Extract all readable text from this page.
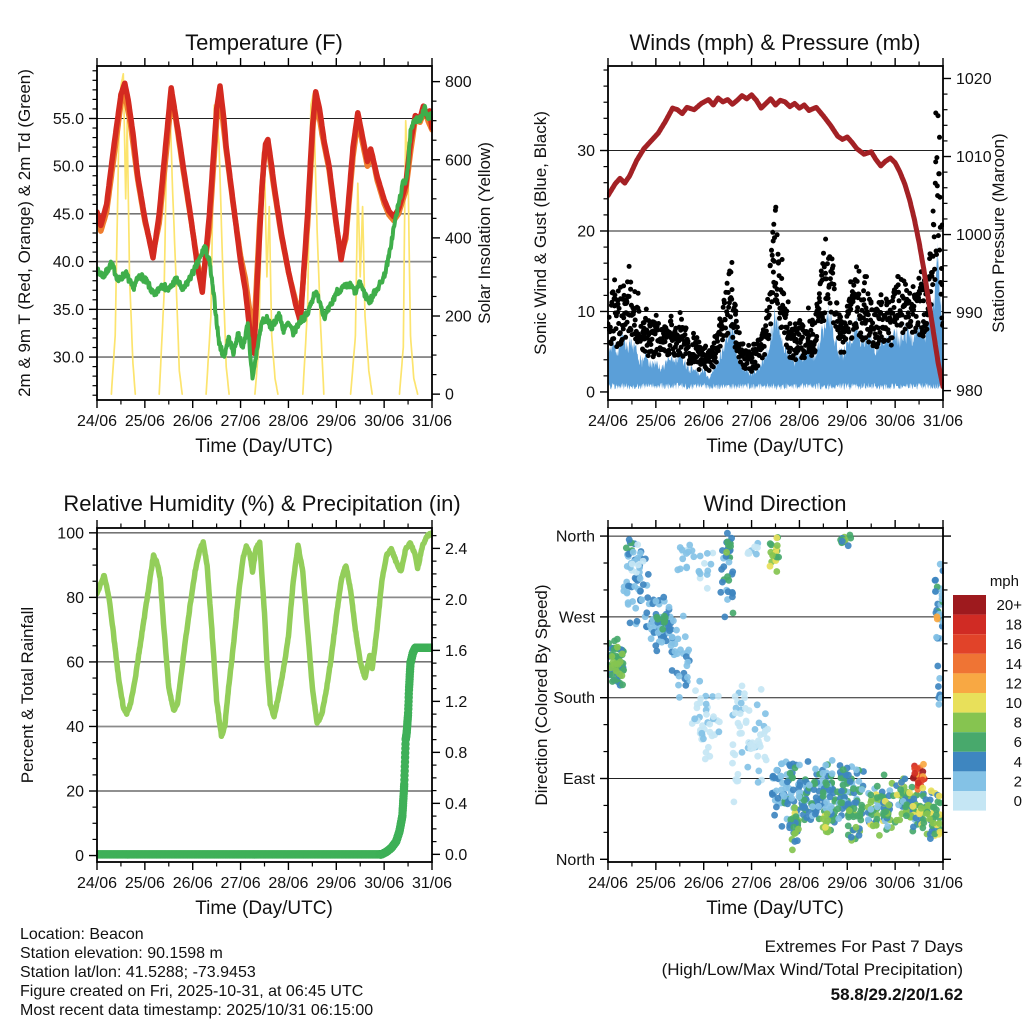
24/06 25/06 26/06 27/06 28/06 29/06 30/06 31/06
30.0
35.0
40.0
45.0
50.0
55.0
0
200
400
600
800
24/06 25/06 26/06 27/06 28/06 29/06 30/06 31/06
0
10
20
30
980
990
1000
1010
1020
24/06 25/06 26/06 27/06 28/06 29/06 30/06 31/06
0
20
40
60
80
100
0.0
0.4
0.8
1.2
1.6
2.0
2.4
24/06 25/06 26/06 27/06 28/06 29/06 30/06 31/06
North
East
South
West
North
Temperature (F)	Winds (mph) & Pressure (mb)
Relative Humidity (%) & Precipitation (in)	Wind Direction
Time (Day/UTC)	Time (Day/UTC)
Time (Day/UTC)	Time (Day/UTC)
2m & 9m T (Red, Orange) & 2m Td (Green)	Solar Insolation (Yellow) Sonic Wind & Gust (Blue, Black)	Station Pressure (Maroon)
Percent & Total Rainfall	Direction (Colored By Speed)
mph
20+
18
16
14
12
10
8
6
4
2
0
Location: Beacon
Station elevation: 90.1598 m
Station lat/lon: 41.5288; -73.9453
Figure created on Fri, 2025-10-31, at 06:45 UTC
Most recent data timestamp: 2025/10/31 06:15:00
Extremes For Past 7 Days
(High/Low/Max Wind/Total Precipitation)
58.8/29.2/20/1.62
